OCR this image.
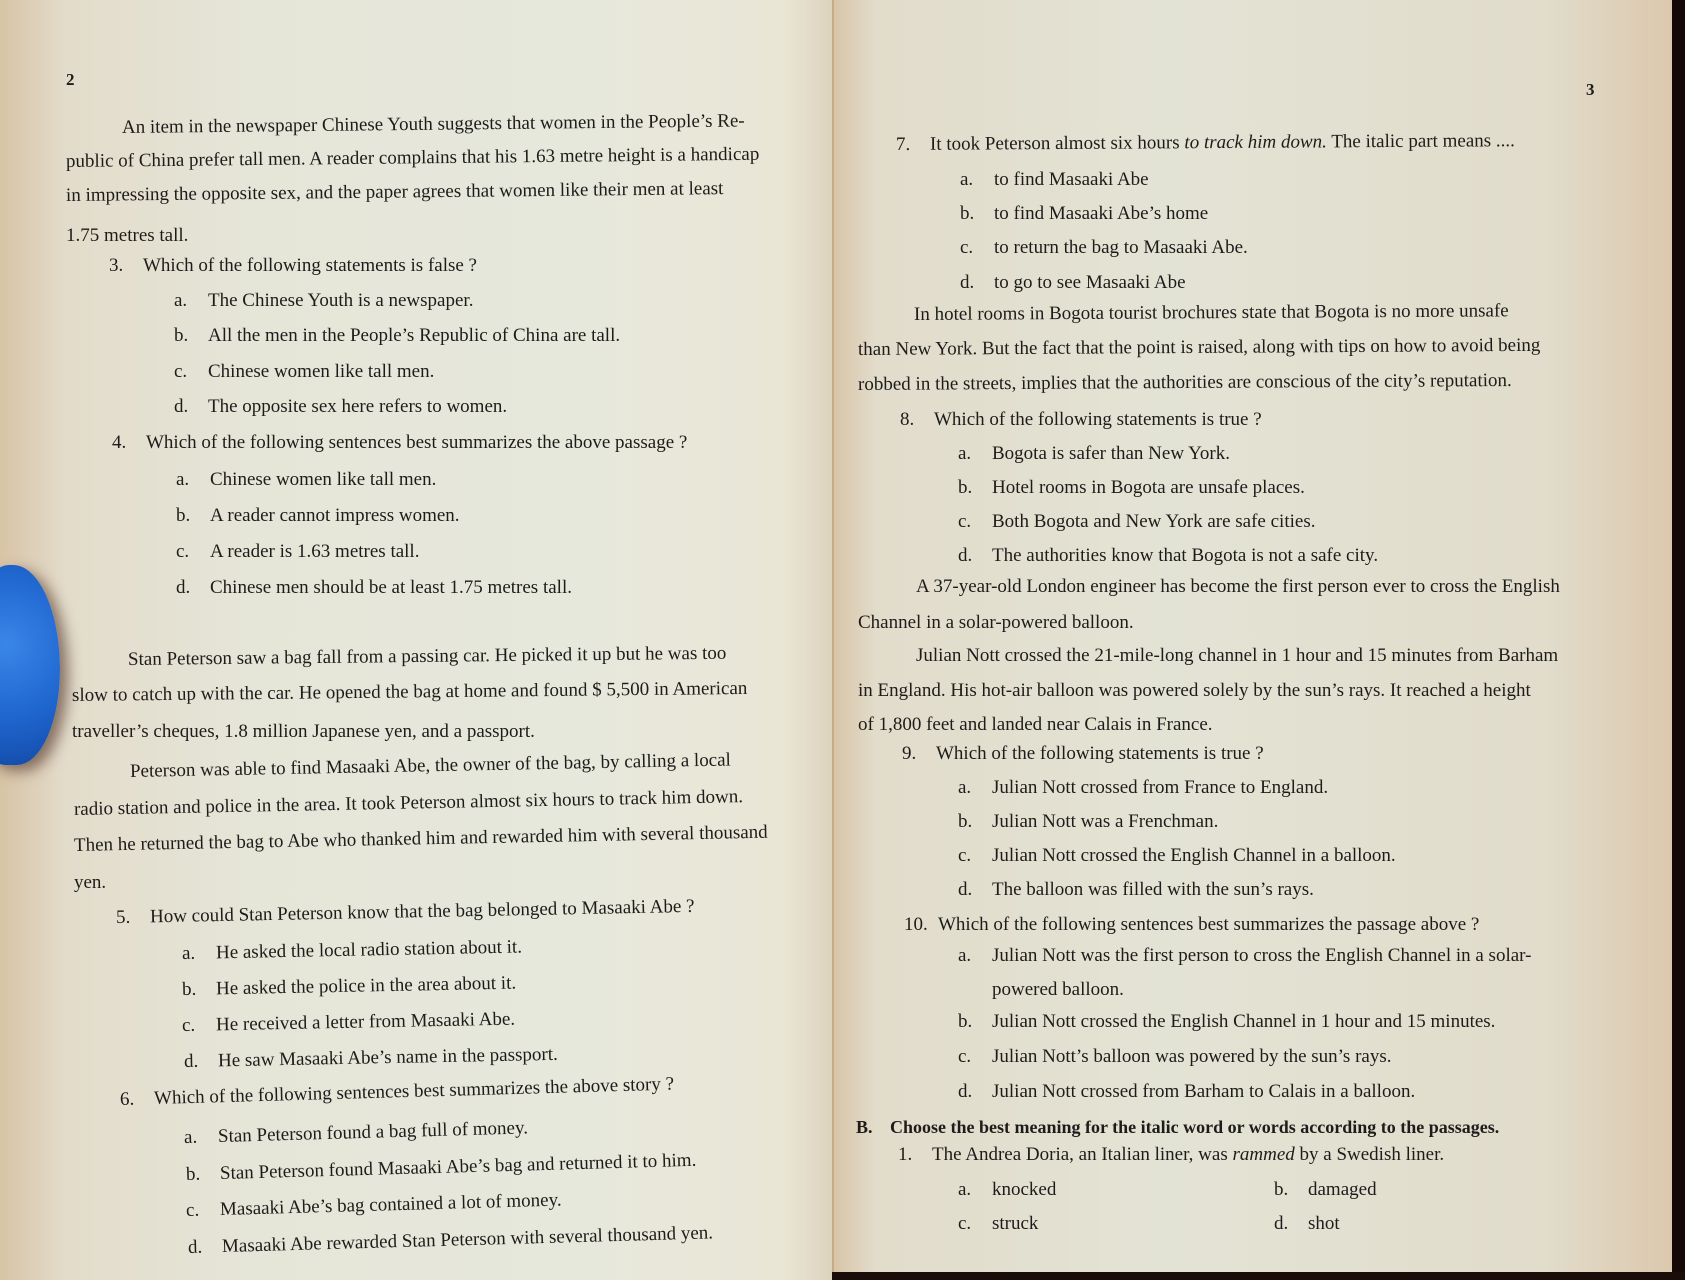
2
An item in the newspaper Chinese Youth suggests that women in the People’s Re-
public of China prefer tall men. A reader complains that his 1.63 metre height is a handicap
in impressing the opposite sex, and the paper agrees that women like their men at least
1.75 metres tall.
3. Which of the following statements is false ?
a. The Chinese Youth is a newspaper.
b. All the men in the People’s Republic of China are tall.
c. Chinese women like tall men.
d. The opposite sex here refers to women.
4. Which of the following sentences best summarizes the above passage ?
a. Chinese women like tall men.
b. A reader cannot impress women.
c. A reader is 1.63 metres tall.
d. Chinese men should be at least 1.75 metres tall.
Stan Peterson saw a bag fall from a passing car. He picked it up but he was too
slow to catch up with the car. He opened the bag at home and found $ 5,500 in American
traveller’s cheques, 1.8 million Japanese yen, and a passport.
Peterson was able to find Masaaki Abe, the owner of the bag, by calling a local
radio station and police in the area. It took Peterson almost six hours to track him down.
Then he returned the bag to Abe who thanked him and rewarded him with several thousand
yen.
5. How could Stan Peterson know that the bag belonged to Masaaki Abe ?
a. He asked the local radio station about it.
b. He asked the police in the area about it.
c. He received a letter from Masaaki Abe.
d. He saw Masaaki Abe’s name in the passport.
6. Which of the following sentences best summarizes the above story ?
a. Stan Peterson found a bag full of money.
b. Stan Peterson found Masaaki Abe’s bag and returned it to him.
c. Masaaki Abe’s bag contained a lot of money.
d. Masaaki Abe rewarded Stan Peterson with several thousand yen.
3
7. It took Peterson almost six hours to track him down. The italic part means ....
a. to find Masaaki Abe
b. to find Masaaki Abe’s home
c. to return the bag to Masaaki Abe.
d. to go to see Masaaki Abe
In hotel rooms in Bogota tourist brochures state that Bogota is no more unsafe
than New York. But the fact that the point is raised, along with tips on how to avoid being
robbed in the streets, implies that the authorities are conscious of the city’s reputation.
8. Which of the following statements is true ?
a. Bogota is safer than New York.
b. Hotel rooms in Bogota are unsafe places.
c. Both Bogota and New York are safe cities.
d. The authorities know that Bogota is not a safe city.
A 37-year-old London engineer has become the first person ever to cross the English
Channel in a solar-powered balloon.
Julian Nott crossed the 21-mile-long channel in 1 hour and 15 minutes from Barham
in England. His hot-air balloon was powered solely by the sun’s rays. It reached a height
of 1,800 feet and landed near Calais in France.
9. Which of the following statements is true ?
a. Julian Nott crossed from France to England.
b. Julian Nott was a Frenchman.
c. Julian Nott crossed the English Channel in a balloon.
d. The balloon was filled with the sun’s rays.
10. Which of the following sentences best summarizes the passage above ?
a. Julian Nott was the first person to cross the English Channel in a solar-
powered balloon.
b. Julian Nott crossed the English Channel in 1 hour and 15 minutes.
c. Julian Nott’s balloon was powered by the sun’s rays.
d. Julian Nott crossed from Barham to Calais in a balloon.
B. Choose the best meaning for the italic word or words according to the passages.
1. The Andrea Doria, an Italian liner, was rammed by a Swedish liner.
a. knocked	b. damaged
c. struck	d. shot
